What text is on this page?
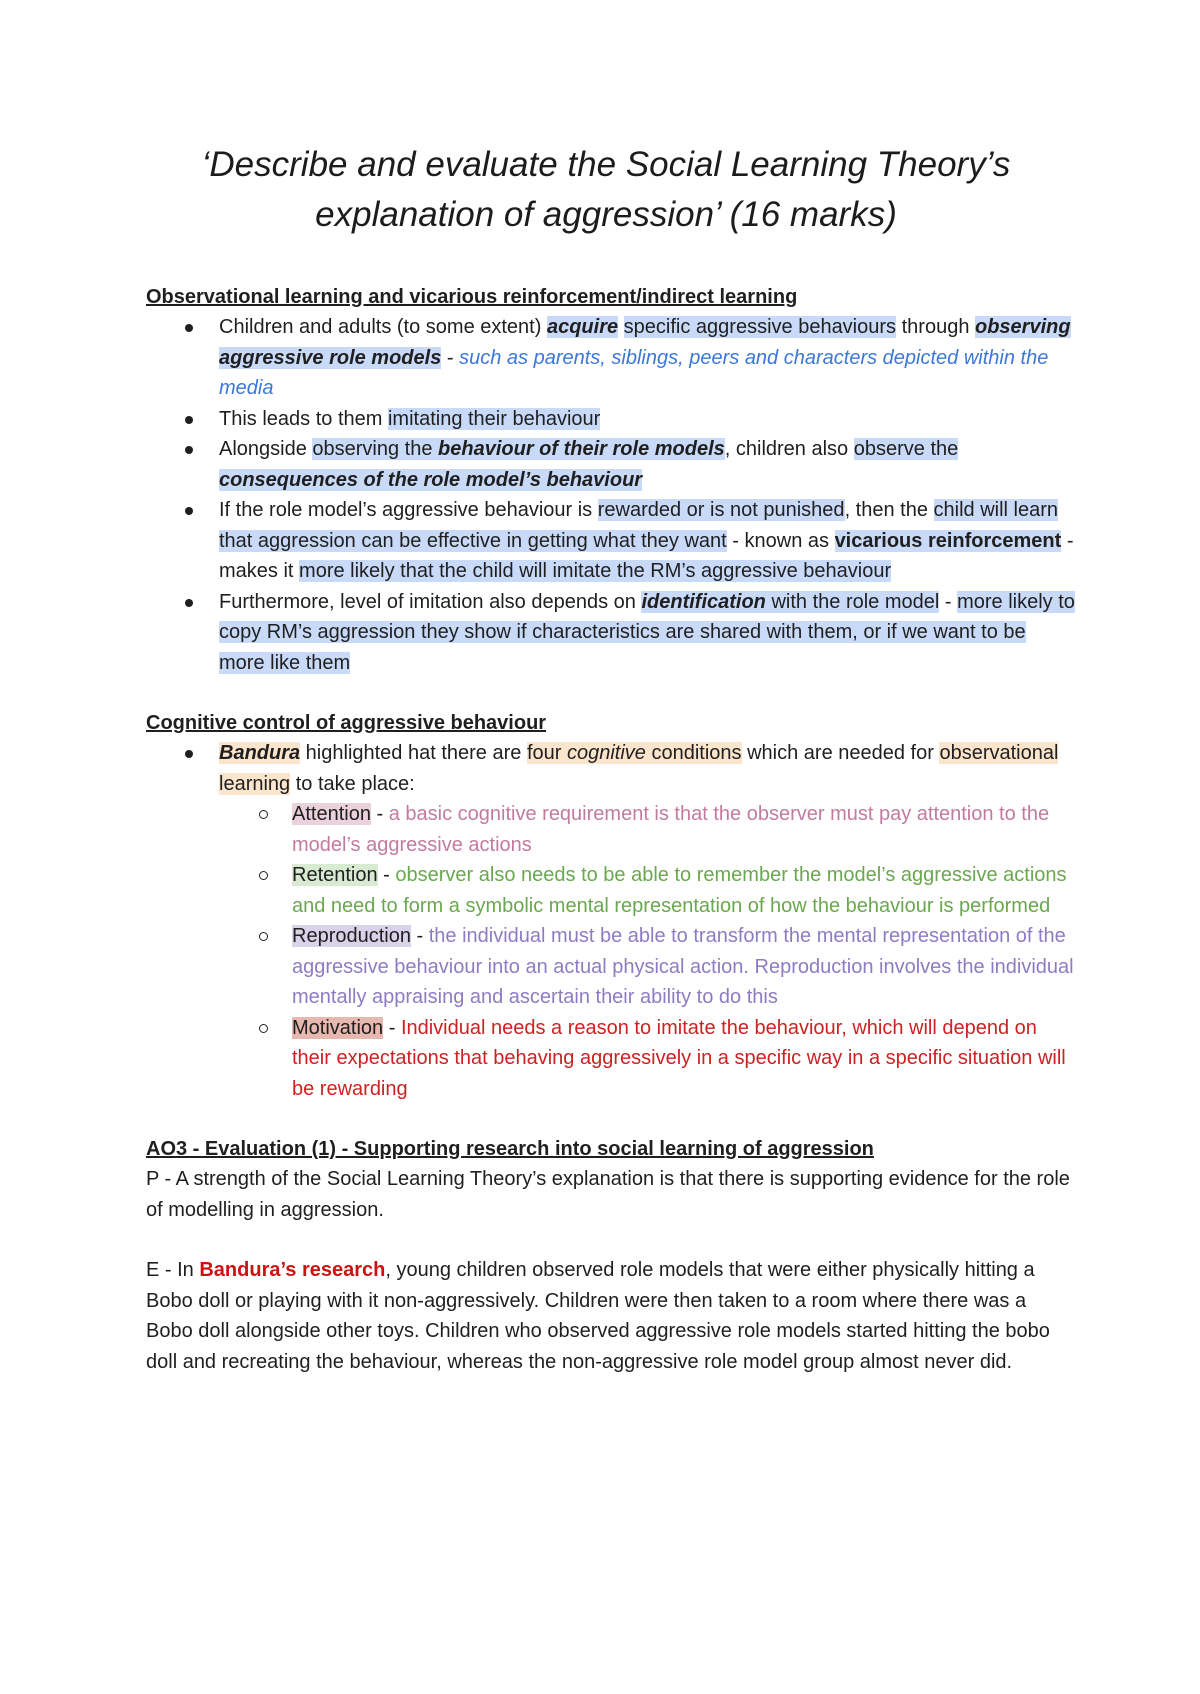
‘Describe and evaluate the Social Learning Theory’s explanation of aggression’ (16 marks)
Observational learning and vicarious reinforcement/indirect learning
Children and adults (to some extent) acquire specific aggressive behaviours through observing aggressive role models - such as parents, siblings, peers and characters depicted within the media
This leads to them imitating their behaviour
Alongside observing the behaviour of their role models, children also observe the consequences of the role model’s behaviour
If the role model’s aggressive behaviour is rewarded or is not punished, then the child will learn that aggression can be effective in getting what they want - known as vicarious reinforcement - makes it more likely that the child will imitate the RM’s aggressive behaviour
Furthermore, level of imitation also depends on identification with the role model - more likely to copy RM’s aggression they show if characteristics are shared with them, or if we want to be more like them
Cognitive control of aggressive behaviour
Bandura highlighted hat there are four cognitive conditions which are needed for observational learning to take place:
Attention - a basic cognitive requirement is that the observer must pay attention to the model’s aggressive actions
Retention - observer also needs to be able to remember the model’s aggressive actions and need to form a symbolic mental representation of how the behaviour is performed
Reproduction - the individual must be able to transform the mental representation of the aggressive behaviour into an actual physical action. Reproduction involves the individual mentally appraising and ascertain their ability to do this
Motivation - Individual needs a reason to imitate the behaviour, which will depend on their expectations that behaving aggressively in a specific way in a specific situation will be rewarding
AO3 - Evaluation (1) - Supporting research into social learning of aggression

P - A strength of the Social Learning Theory’s explanation is that there is supporting evidence for the role of modelling in aggression.

E - In Bandura’s research, young children observed role models that were either physically hitting a Bobo doll or playing with it non-aggressively. Children were then taken to a room where there was a Bobo doll alongside other toys. Children who observed aggressive role models started hitting the bobo doll and recreating the behaviour, whereas the non-aggressive role model group almost never did.
